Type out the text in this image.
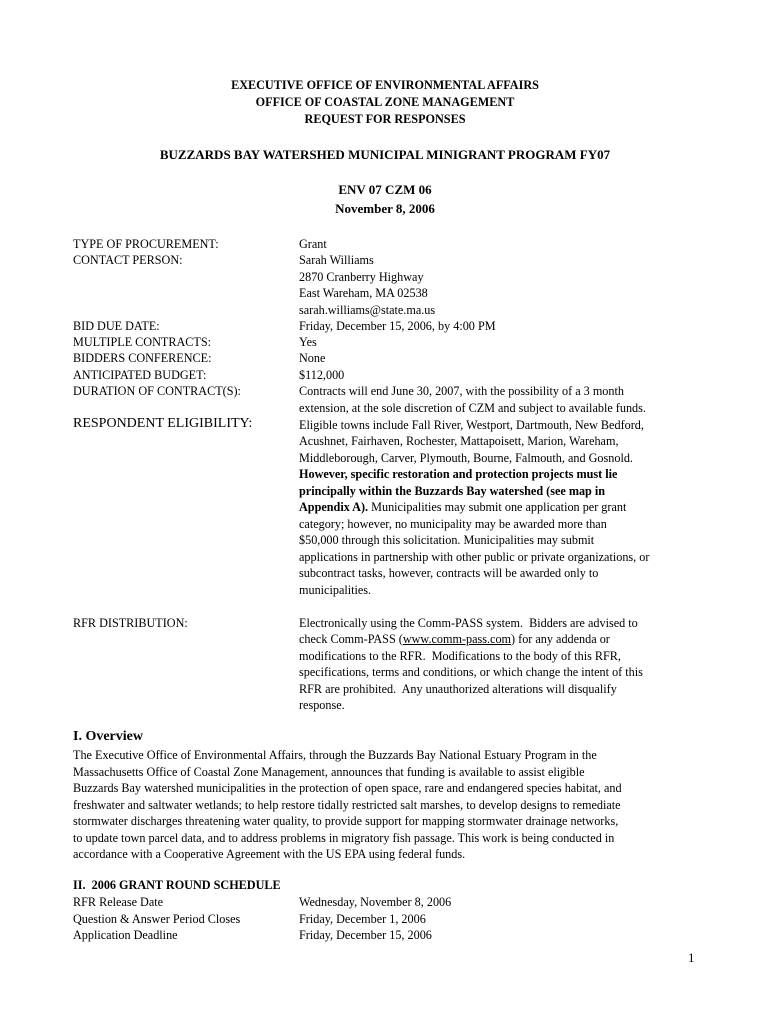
EXECUTIVE OFFICE OF ENVIRONMENTAL AFFAIRS
OFFICE OF COASTAL ZONE MANAGEMENT
REQUEST FOR RESPONSES
BUZZARDS BAY WATERSHED MUNICIPAL MINIGRANT PROGRAM FY07
ENV 07 CZM 06
November 8, 2006
TYPE OF PROCUREMENT:	Grant
CONTACT PERSON:	Sarah Williams
2870 Cranberry Highway
East Wareham, MA 02538
sarah.williams@state.ma.us
BID DUE DATE:	Friday, December 15, 2006, by 4:00 PM
MULTIPLE CONTRACTS:	Yes
BIDDERS CONFERENCE:	None
ANTICIPATED BUDGET:	$112,000
DURATION OF CONTRACT(S):	Contracts will end June 30, 2007, with the possibility of a 3 month
extension, at the sole discretion of CZM and subject to available funds.
RESPONDENT ELIGIBILITY:	Eligible towns include Fall River, Westport, Dartmouth, New Bedford,
Acushnet, Fairhaven, Rochester, Mattapoisett, Marion, Wareham,
Middleborough, Carver, Plymouth, Bourne, Falmouth, and Gosnold.
However, specific restoration and protection projects must lie
principally within the Buzzards Bay watershed (see map in
Appendix A). Municipalities may submit one application per grant
category; however, no municipality may be awarded more than
$50,000 through this solicitation. Municipalities may submit
applications in partnership with other public or private organizations, or
subcontract tasks, however, contracts will be awarded only to
municipalities.
RFR DISTRIBUTION:	Electronically using the Comm-PASS system.  Bidders are advised to
check Comm-PASS (www.comm-pass.com) for any addenda or
modifications to the RFR.  Modifications to the body of this RFR,
specifications, terms and conditions, or which change the intent of this
RFR are prohibited.  Any unauthorized alterations will disqualify
response.
I. Overview
The Executive Office of Environmental Affairs, through the Buzzards Bay National Estuary Program in the
Massachusetts Office of Coastal Zone Management, announces that funding is available to assist eligible
Buzzards Bay watershed municipalities in the protection of open space, rare and endangered species habitat, and
freshwater and saltwater wetlands; to help restore tidally restricted salt marshes, to develop designs to remediate
stormwater discharges threatening water quality, to provide support for mapping stormwater drainage networks,
to update town parcel data, and to address problems in migratory fish passage. This work is being conducted in
accordance with a Cooperative Agreement with the US EPA using federal funds.
II.  2006 GRANT ROUND SCHEDULE
RFR Release Date	Wednesday, November 8, 2006
Question & Answer Period Closes	Friday, December 1, 2006
Application Deadline	Friday, December 15, 2006
1
